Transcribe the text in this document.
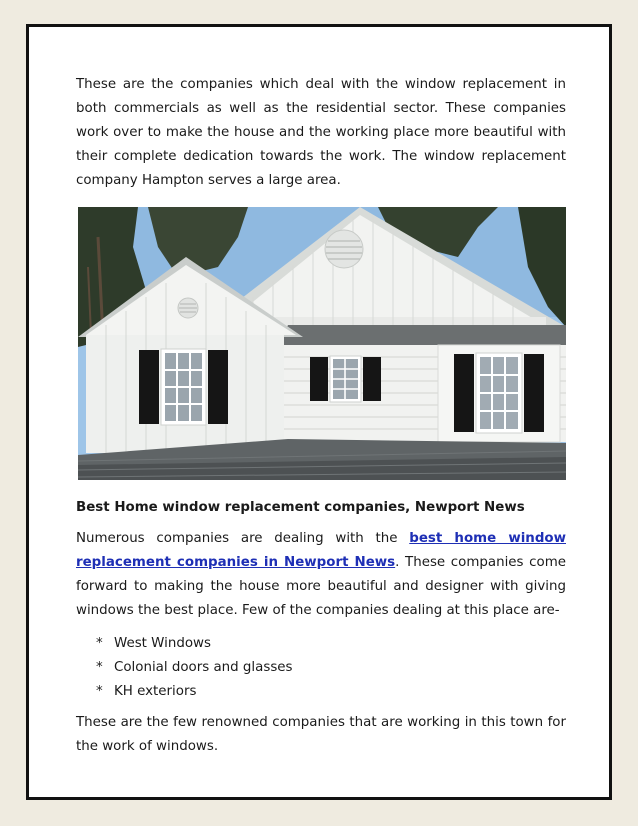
These are the companies which deal with the window replacement in both commercials as well as the residential sector. These companies work over to make the house and the working place more beautiful with their complete dedication towards the work. The window replacement company Hampton serves a large area.

Best Home window replacement companies, Newport News

Numerous companies are dealing with the best home window replacement companies in Newport News. These companies come forward to making the house more beautiful and designer with giving windows the best place. Few of the companies dealing at this place are-

* West Windows
* Colonial doors and glasses
* KH exteriors

These are the few renowned companies that are working in this town for the work of windows.
